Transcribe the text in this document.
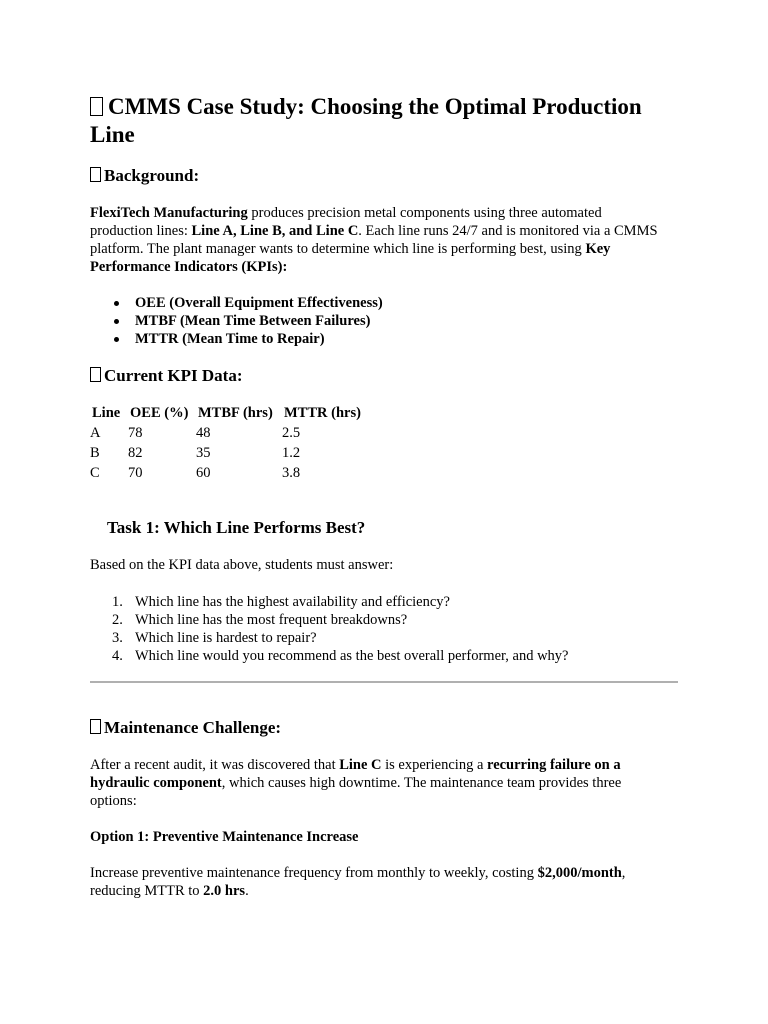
CMMS Case Study: Choosing the Optimal Production Line
Background:
FlexiTech Manufacturing produces precision metal components using three automated production lines: Line A, Line B, and Line C. Each line runs 24/7 and is monitored via a CMMS platform. The plant manager wants to determine which line is performing best, using Key Performance Indicators (KPIs):
OEE (Overall Equipment Effectiveness)
MTBF (Mean Time Between Failures)
MTTR (Mean Time to Repair)
Current KPI Data:
Line	OEE (%)	MTBF (hrs)	MTTR (hrs)
A	78	48	2.5
B	82	35	1.2
C	70	60	3.8
Task 1: Which Line Performs Best?
Based on the KPI data above, students must answer:
1. Which line has the highest availability and efficiency?
2. Which line has the most frequent breakdowns?
3. Which line is hardest to repair?
4. Which line would you recommend as the best overall performer, and why?
Maintenance Challenge:
After a recent audit, it was discovered that Line C is experiencing a recurring failure on a hydraulic component, which causes high downtime. The maintenance team provides three options:
Option 1: Preventive Maintenance Increase
Increase preventive maintenance frequency from monthly to weekly, costing $2,000/month, reducing MTTR to 2.0 hrs.
